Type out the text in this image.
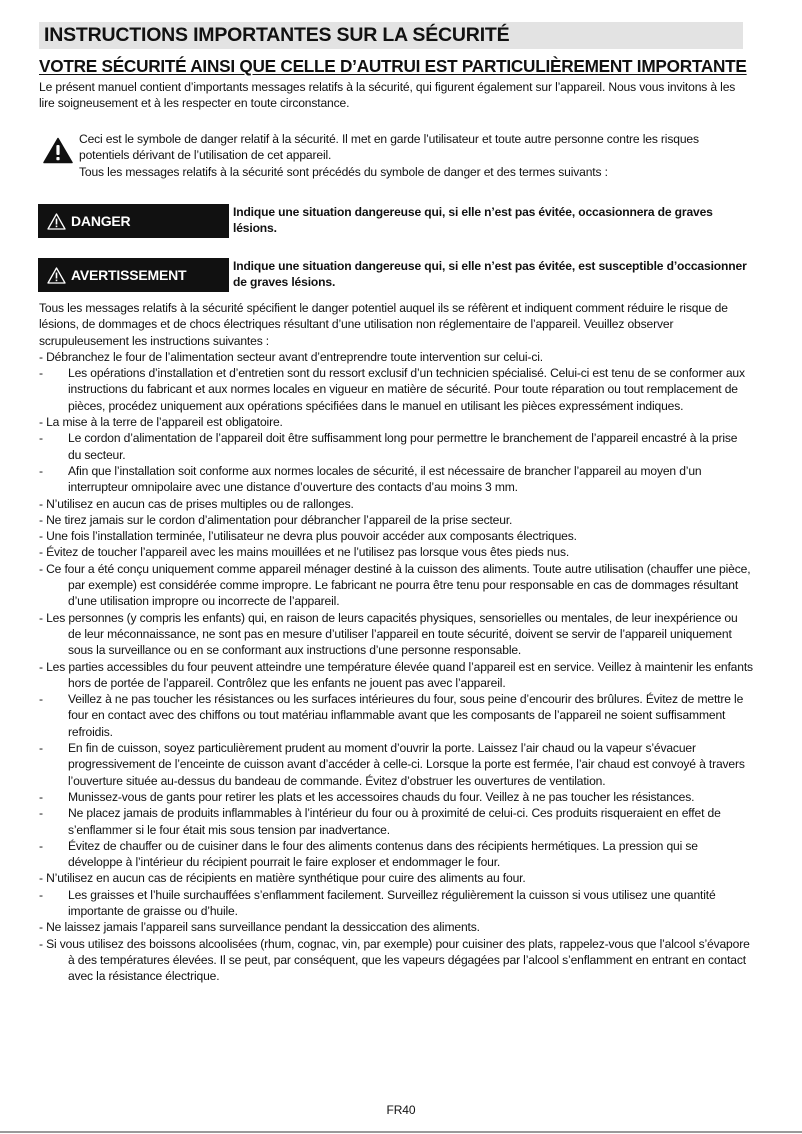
INSTRUCTIONS IMPORTANTES SUR LA SÉCURITÉ
VOTRE SÉCURITÉ AINSI QUE CELLE D’AUTRUI EST PARTICULIÈREMENT IMPORTANTE
Le présent manuel contient d’importants messages relatifs à la sécurité, qui figurent également sur l’appareil. Nous vous invitons à les lire soigneusement et à les respecter en toute circonstance.
Ceci est le symbole de danger relatif à la sécurité. Il met en garde l’utilisateur et toute autre personne contre les risques potentiels dérivant de l’utilisation de cet appareil.
Tous les messages relatifs à la sécurité sont précédés du symbole de danger et des termes suivants :
DANGER
Indique une situation dangereuse qui, si elle n’est pas évitée, occasionnera de graves lésions.
AVERTISSEMENT
Indique une situation dangereuse qui, si elle n’est pas évitée, est susceptible d’occasionner de graves lésions.

Tous les messages relatifs à la sécurité spécifient le danger potentiel auquel ils se réfèrent et indiquent comment réduire le risque de lésions, de dommages et de chocs électriques résultant d’une utilisation non réglementaire de l’appareil. Veuillez observer scrupuleusement les instructions suivantes :

- Débranchez le four de l’alimentation secteur avant d’entreprendre toute intervention sur celui-ci.
-	Les opérations d’installation et d’entretien sont du ressort exclusif d’un technicien spécialisé. Celui-ci est tenu de se conformer aux instructions du fabricant et aux normes locales en vigueur en matière de sécurité. Pour toute réparation ou tout remplacement de pièces, procédez uniquement aux opérations spécifiées dans le manuel en utilisant les pièces expressément indiques.
- La mise à la terre de l’appareil est obligatoire.
-	Le cordon d’alimentation de l’appareil doit être suffisamment long pour permettre le branchement de l’appareil encastré à la prise du secteur.
-	Afin que l’installation soit conforme aux normes locales de sécurité, il est nécessaire de brancher l’appareil au moyen d’un interrupteur omnipolaire avec une distance d’ouverture des contacts d’au moins 3 mm.
- N’utilisez en aucun cas de prises multiples ou de rallonges.
- Ne tirez jamais sur le cordon d’alimentation pour débrancher l’appareil de la prise secteur.
- Une fois l’installation terminée, l’utilisateur ne devra plus pouvoir accéder aux composants électriques.
- Évitez de toucher l’appareil avec les mains mouillées et ne l’utilisez pas lorsque vous êtes pieds nus.
- Ce four a été conçu uniquement comme appareil ménager destiné à la cuisson des aliments. Toute autre utilisation (chauffer une pièce, par exemple) est considérée comme impropre. Le fabricant ne pourra être tenu pour responsable en cas de dommages résultant d’une utilisation impropre ou incorrecte de l’appareil.
- Les personnes (y compris les enfants) qui, en raison de leurs capacités physiques, sensorielles ou mentales, de leur inexpérience ou de leur méconnaissance, ne sont pas en mesure d’utiliser l’appareil en toute sécurité, doivent se servir de l’appareil uniquement sous la surveillance ou en se conformant aux instructions d’une personne responsable.
- Les parties accessibles du four peuvent atteindre une température élevée quand l’appareil est en service. Veillez à maintenir les enfants hors de portée de l’appareil. Contrôlez que les enfants ne jouent pas avec l’appareil.
-	Veillez à ne pas toucher les résistances ou les surfaces intérieures du four, sous peine d’encourir des brûlures. Évitez de mettre le four en contact avec des chiffons ou tout matériau inflammable avant que les composants de l’appareil ne soient suffisamment refroidis.
-	En fin de cuisson, soyez particulièrement prudent au moment d’ouvrir la porte. Laissez l’air chaud ou la vapeur s’évacuer progressivement de l’enceinte de cuisson avant d’accéder à celle-ci. Lorsque la porte est fermée, l’air chaud est convoyé à travers l’ouverture située au-dessus du bandeau de commande. Évitez d’obstruer les ouvertures de ventilation.
-	Munissez-vous de gants pour retirer les plats et les accessoires chauds du four. Veillez à ne pas toucher les résistances.
-	Ne placez jamais de produits inflammables à l’intérieur du four ou à proximité de celui-ci. Ces produits risqueraient en effet de s’enflammer si le four était mis sous tension par inadvertance.
-	Évitez de chauffer ou de cuisiner dans le four des aliments contenus dans des récipients hermétiques. La pression qui se développe à l’intérieur du récipient pourrait le faire exploser et endommager le four.
- N’utilisez en aucun cas de récipients en matière synthétique pour cuire des aliments au four.
-	Les graisses et l’huile surchauffées s’enflamment facilement. Surveillez régulièrement la cuisson si vous utilisez une quantité importante de graisse ou d’huile.
- Ne laissez jamais l’appareil sans surveillance pendant la dessiccation des aliments.
- Si vous utilisez des boissons alcoolisées (rhum, cognac, vin, par exemple) pour cuisiner des plats, rappelez-vous que l’alcool s’évapore à des températures élevées. Il se peut, par conséquent, que les vapeurs dégagées par l’alcool s’enflamment en entrant en contact avec la résistance électrique.
FR40
